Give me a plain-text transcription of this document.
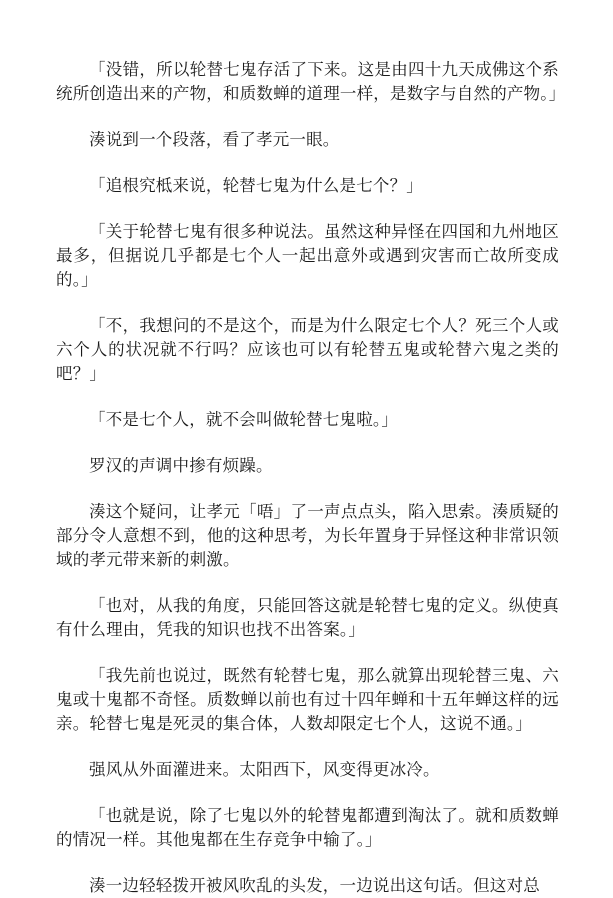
「没错，所以轮替七鬼存活了下来。这是由四十九天成佛这个系统所创造出来的产物，和质数蝉的道理一样，是数字与自然的产物。」

湊说到一个段落，看了孝元一眼。

「追根究柢来说，轮替七鬼为什么是七个？」

「关于轮替七鬼有很多种说法。虽然这种异怪在四国和九州地区最多，但据说几乎都是七个人一起出意外或遇到灾害而亡故所变成的。」

「不，我想问的不是这个，而是为什么限定七个人？死三个人或六个人的状况就不行吗？应该也可以有轮替五鬼或轮替六鬼之类的吧？」

「不是七个人，就不会叫做轮替七鬼啦。」

罗汉的声调中掺有烦躁。

湊这个疑问，让孝元「唔」了一声点点头，陷入思索。湊质疑的部分令人意想不到，他的这种思考，为长年置身于异怪这种非常识领域的孝元带来新的刺激。

「也对，从我的角度，只能回答这就是轮替七鬼的定义。纵使真有什么理由，凭我的知识也找不出答案。」

「我先前也说过，既然有轮替七鬼，那么就算出现轮替三鬼、六鬼或十鬼都不奇怪。质数蝉以前也有过十四年蝉和十五年蝉这样的远亲。轮替七鬼是死灵的集合体，人数却限定七个人，这说不通。」

强风从外面灌进来。太阳西下，风变得更冰冷。

「也就是说，除了七鬼以外的轮替鬼都遭到淘汰了。就和质数蝉的情况一样。其他鬼都在生存竞争中输了。」

湊一边轻轻拨开被风吹乱的头发，一边说出这句话。但这对总
